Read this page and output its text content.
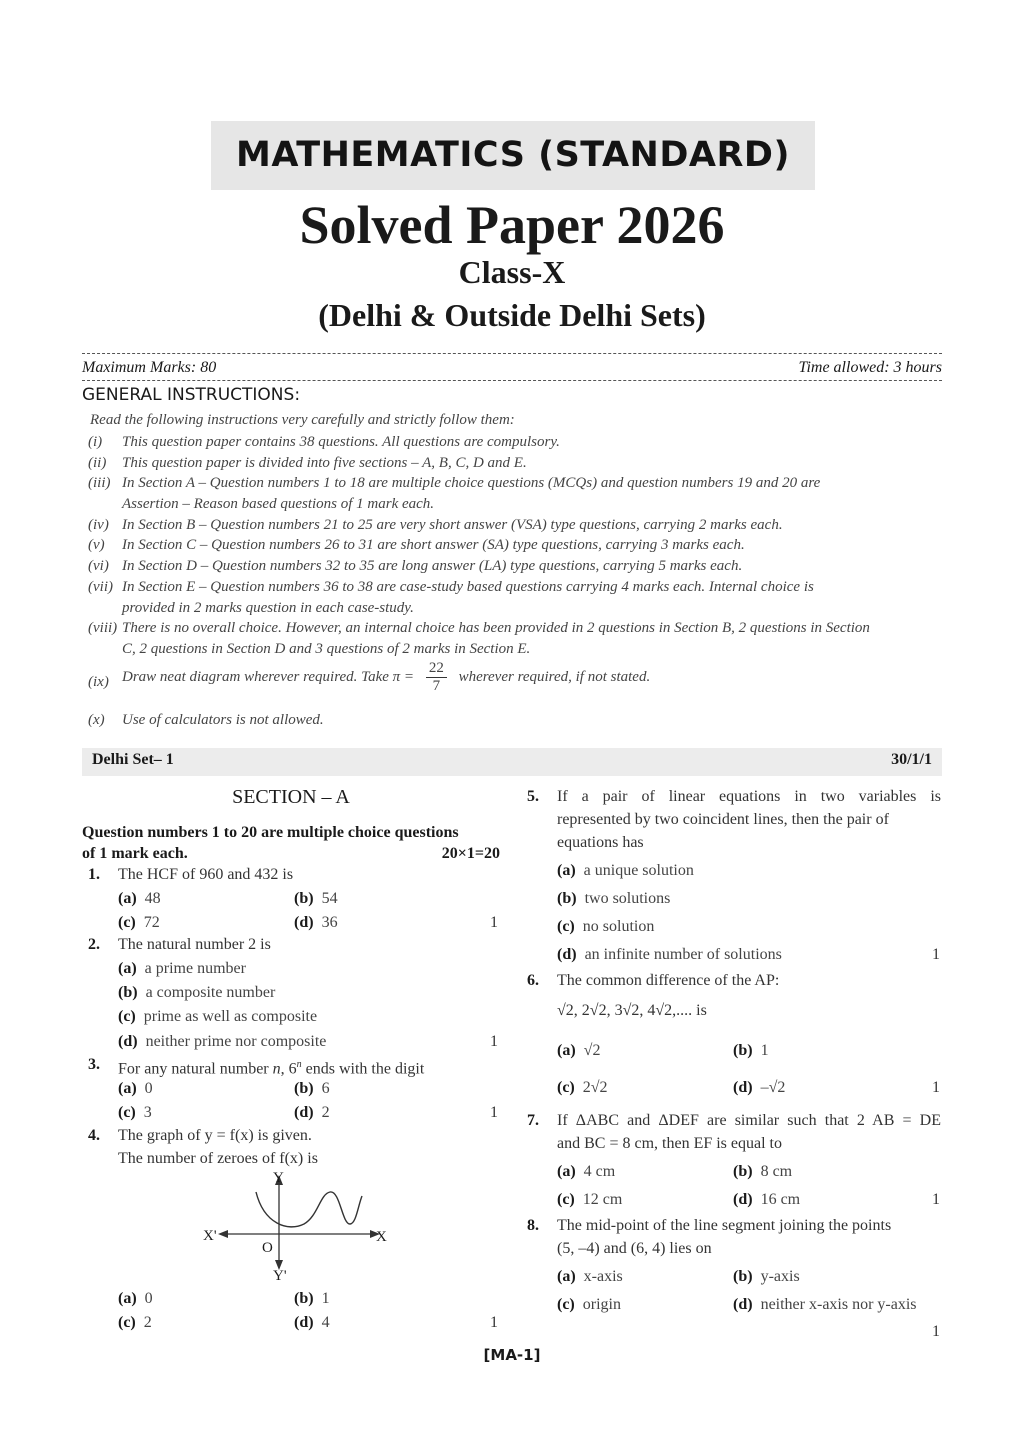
MATHEMATICS (STANDARD)
Solved Paper 2026
Class-X
(Delhi & Outside Delhi Sets)
Maximum Marks: 80	Time allowed: 3 hours
GENERAL INSTRUCTIONS:
Read the following instructions very carefully and strictly follow them:
(i) This question paper contains 38 questions. All questions are compulsory.
(ii) This question paper is divided into five sections – A, B, C, D and E.
(iii) In Section A – Question numbers 1 to 18 are multiple choice questions (MCQs) and question numbers 19 and 20 are
Assertion – Reason based questions of 1 mark each.
(iv) In Section B – Question numbers 21 to 25 are very short answer (VSA) type questions, carrying 2 marks each.
(v) In Section C – Question numbers 26 to 31 are short answer (SA) type questions, carrying 3 marks each.
(vi) In Section D – Question numbers 32 to 35 are long answer (LA) type questions, carrying 5 marks each.
(vii) In Section E – Question numbers 36 to 38 are case-study based questions carrying 4 marks each. Internal choice is
provided in 2 marks question in each case-study.
(viii) There is no overall choice. However, an internal choice has been provided in 2 questions in Section B, 2 questions in Section
C, 2 questions in Section D and 3 questions of 2 marks in Section E.
(ix) Draw neat diagram wherever required. Take $\pi = \frac{22}{7}$ wherever required, if not stated.
(x) Use of calculators is not allowed.
Delhi Set– 1	30/1/1
SECTION – A
Question numbers 1 to 20 are multiple choice questions
of 1 mark each.	20×1=20
1. The HCF of 960 and 432 is
(a) 48	(b) 54
(c) 72	(d) 36	1
2. The natural number 2 is
(a) a prime number
(b) a composite number
(c) prime as well as composite
(d) neither prime nor composite	1
3. For any natural number n, 6$^n$ ends with the digit
(a) 0	(b) 6
(c) 3	(d) 2	1
4. The graph of y = f(x) is given.
The number of zeroes of f(x) is
Y
X'	X
O
Y'
(a) 0	(b) 1
(c) 2	(d) 4	1
5. If a pair of linear equations in two variables is
represented by two coincident lines, then the pair of
equations has
(a) a unique solution
(b) two solutions
(c) no solution
(d) an infinite number of solutions	1
6. The common difference of the AP:
√2, 2√2, 3√2, 4√2,.... is
(a) √2	(b) 1
(c) 2√2	(d) –√2	1
7. If ΔABC and ΔDEF are similar such that 2 AB = DE
and BC = 8 cm, then EF is equal to
(a) 4 cm	(b) 8 cm
(c) 12 cm	(d) 16 cm	1
8. The mid-point of the line segment joining the points
(5, –4) and (6, 4) lies on
(a) x-axis	(b) y-axis
(c) origin	(d) neither x-axis nor y-axis
1
[MA-1]
